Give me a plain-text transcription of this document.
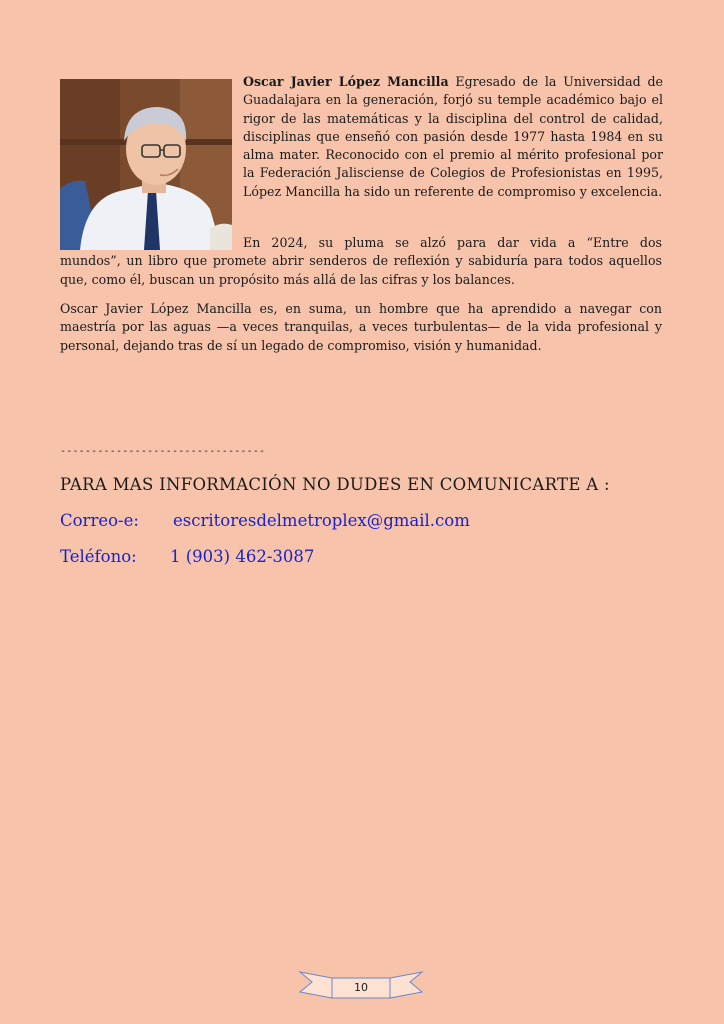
Oscar Javier López Mancilla Egresado de la Universidad de Guadalajara en la generación, forjó su temple académico bajo el rigor de las matemáticas y la disciplina del control de calidad, disciplinas que enseñó con pasión desde 1977 hasta 1984 en su alma mater. Reconocido con el premio al mérito profesional por la Federación Jalisciense de Colegios de Profesionistas en 1995, López Mancilla ha sido un referente de compromiso y excelencia.

En 2024, su pluma se alzó para dar vida a “Entre dos

mundos”, un libro que promete abrir senderos de reflexión y sabiduría para todos aquellos que, como él, buscan un propósito más allá de las cifras y los balances.

Oscar Javier López Mancilla es, en suma, un hombre que ha aprendido a navegar con maestría por las aguas —a veces tranquilas, a veces turbulentas— de la vida profesional y personal, dejando tras de sí un legado de compromiso, visión y humanidad.

---------------------------------
PARA MAS INFORMACIÓN NO DUDES EN COMUNICARTE A :
Correo-e: escritoresdelmetroplex@gmail.com
Teléfono: 1 (903) 462-3087
10
